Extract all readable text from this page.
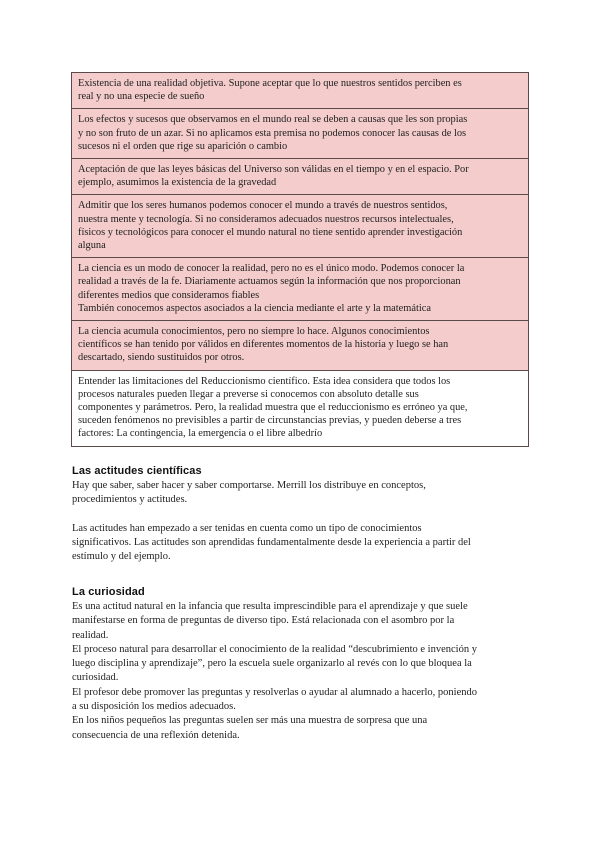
Existencia de una realidad objetiva. Supone aceptar que lo que nuestros sentidos perciben es
real y no una especie de sueño
Los efectos y sucesos que observamos en el mundo real se deben a causas que les son propias
y no son fruto de un azar. Si no aplicamos esta premisa no podemos conocer las causas de los
sucesos ni el orden que rige su aparición o cambio
Aceptación de que las leyes básicas del Universo son válidas en el tiempo y en el espacio. Por
ejemplo, asumimos la existencia de la gravedad
Admitir que los seres humanos podemos conocer el mundo a través de nuestros sentidos,
nuestra mente y tecnología. Si no consideramos adecuados nuestros recursos intelectuales,
físicos y tecnológicos para conocer el mundo natural no tiene sentido aprender investigación
alguna
La ciencia es un modo de conocer la realidad, pero no es el único modo. Podemos conocer la
realidad a través de la fe. Diariamente actuamos según la información que nos proporcionan
diferentes medios que consideramos fiables
También conocemos aspectos asociados a la ciencia mediante el arte y la matemática
La ciencia acumula conocimientos, pero no siempre lo hace. Algunos conocimientos
científicos se han tenido por válidos en diferentes momentos de la historia y luego se han
descartado, siendo sustituidos por otros.
Entender las limitaciones del Reduccionismo científico. Esta idea considera que todos los
procesos naturales pueden llegar a preverse si conocemos con absoluto detalle sus
componentes y parámetros. Pero, la realidad muestra que el reduccionismo es erróneo ya que,
suceden fenómenos no previsibles a partir de circunstancias previas, y pueden deberse a tres
factores: La contingencia, la emergencia o el libre albedrío
Las actitudes científicas

Hay que saber, saber hacer y saber comportarse. Merrill los distribuye en conceptos,
procedimientos y actitudes.

Las actitudes han empezado a ser tenidas en cuenta como un tipo de conocimientos
significativos. Las actitudes son aprendidas fundamentalmente desde la experiencia a partir del
estímulo y del ejemplo.

La curiosidad

Es una actitud natural en la infancia que resulta imprescindible para el aprendizaje y que suele
manifestarse en forma de preguntas de diverso tipo. Está relacionada con el asombro por la
realidad.

El proceso natural para desarrollar el conocimiento de la realidad “descubrimiento e invención y
luego disciplina y aprendizaje”, pero la escuela suele organizarlo al revés con lo que bloquea la
curiosidad.

El profesor debe promover las preguntas y resolverlas o ayudar al alumnado a hacerlo, poniendo
a su disposición los medios adecuados.

En los niños pequeños las preguntas suelen ser más una muestra de sorpresa que una
consecuencia de una reflexión detenida.
